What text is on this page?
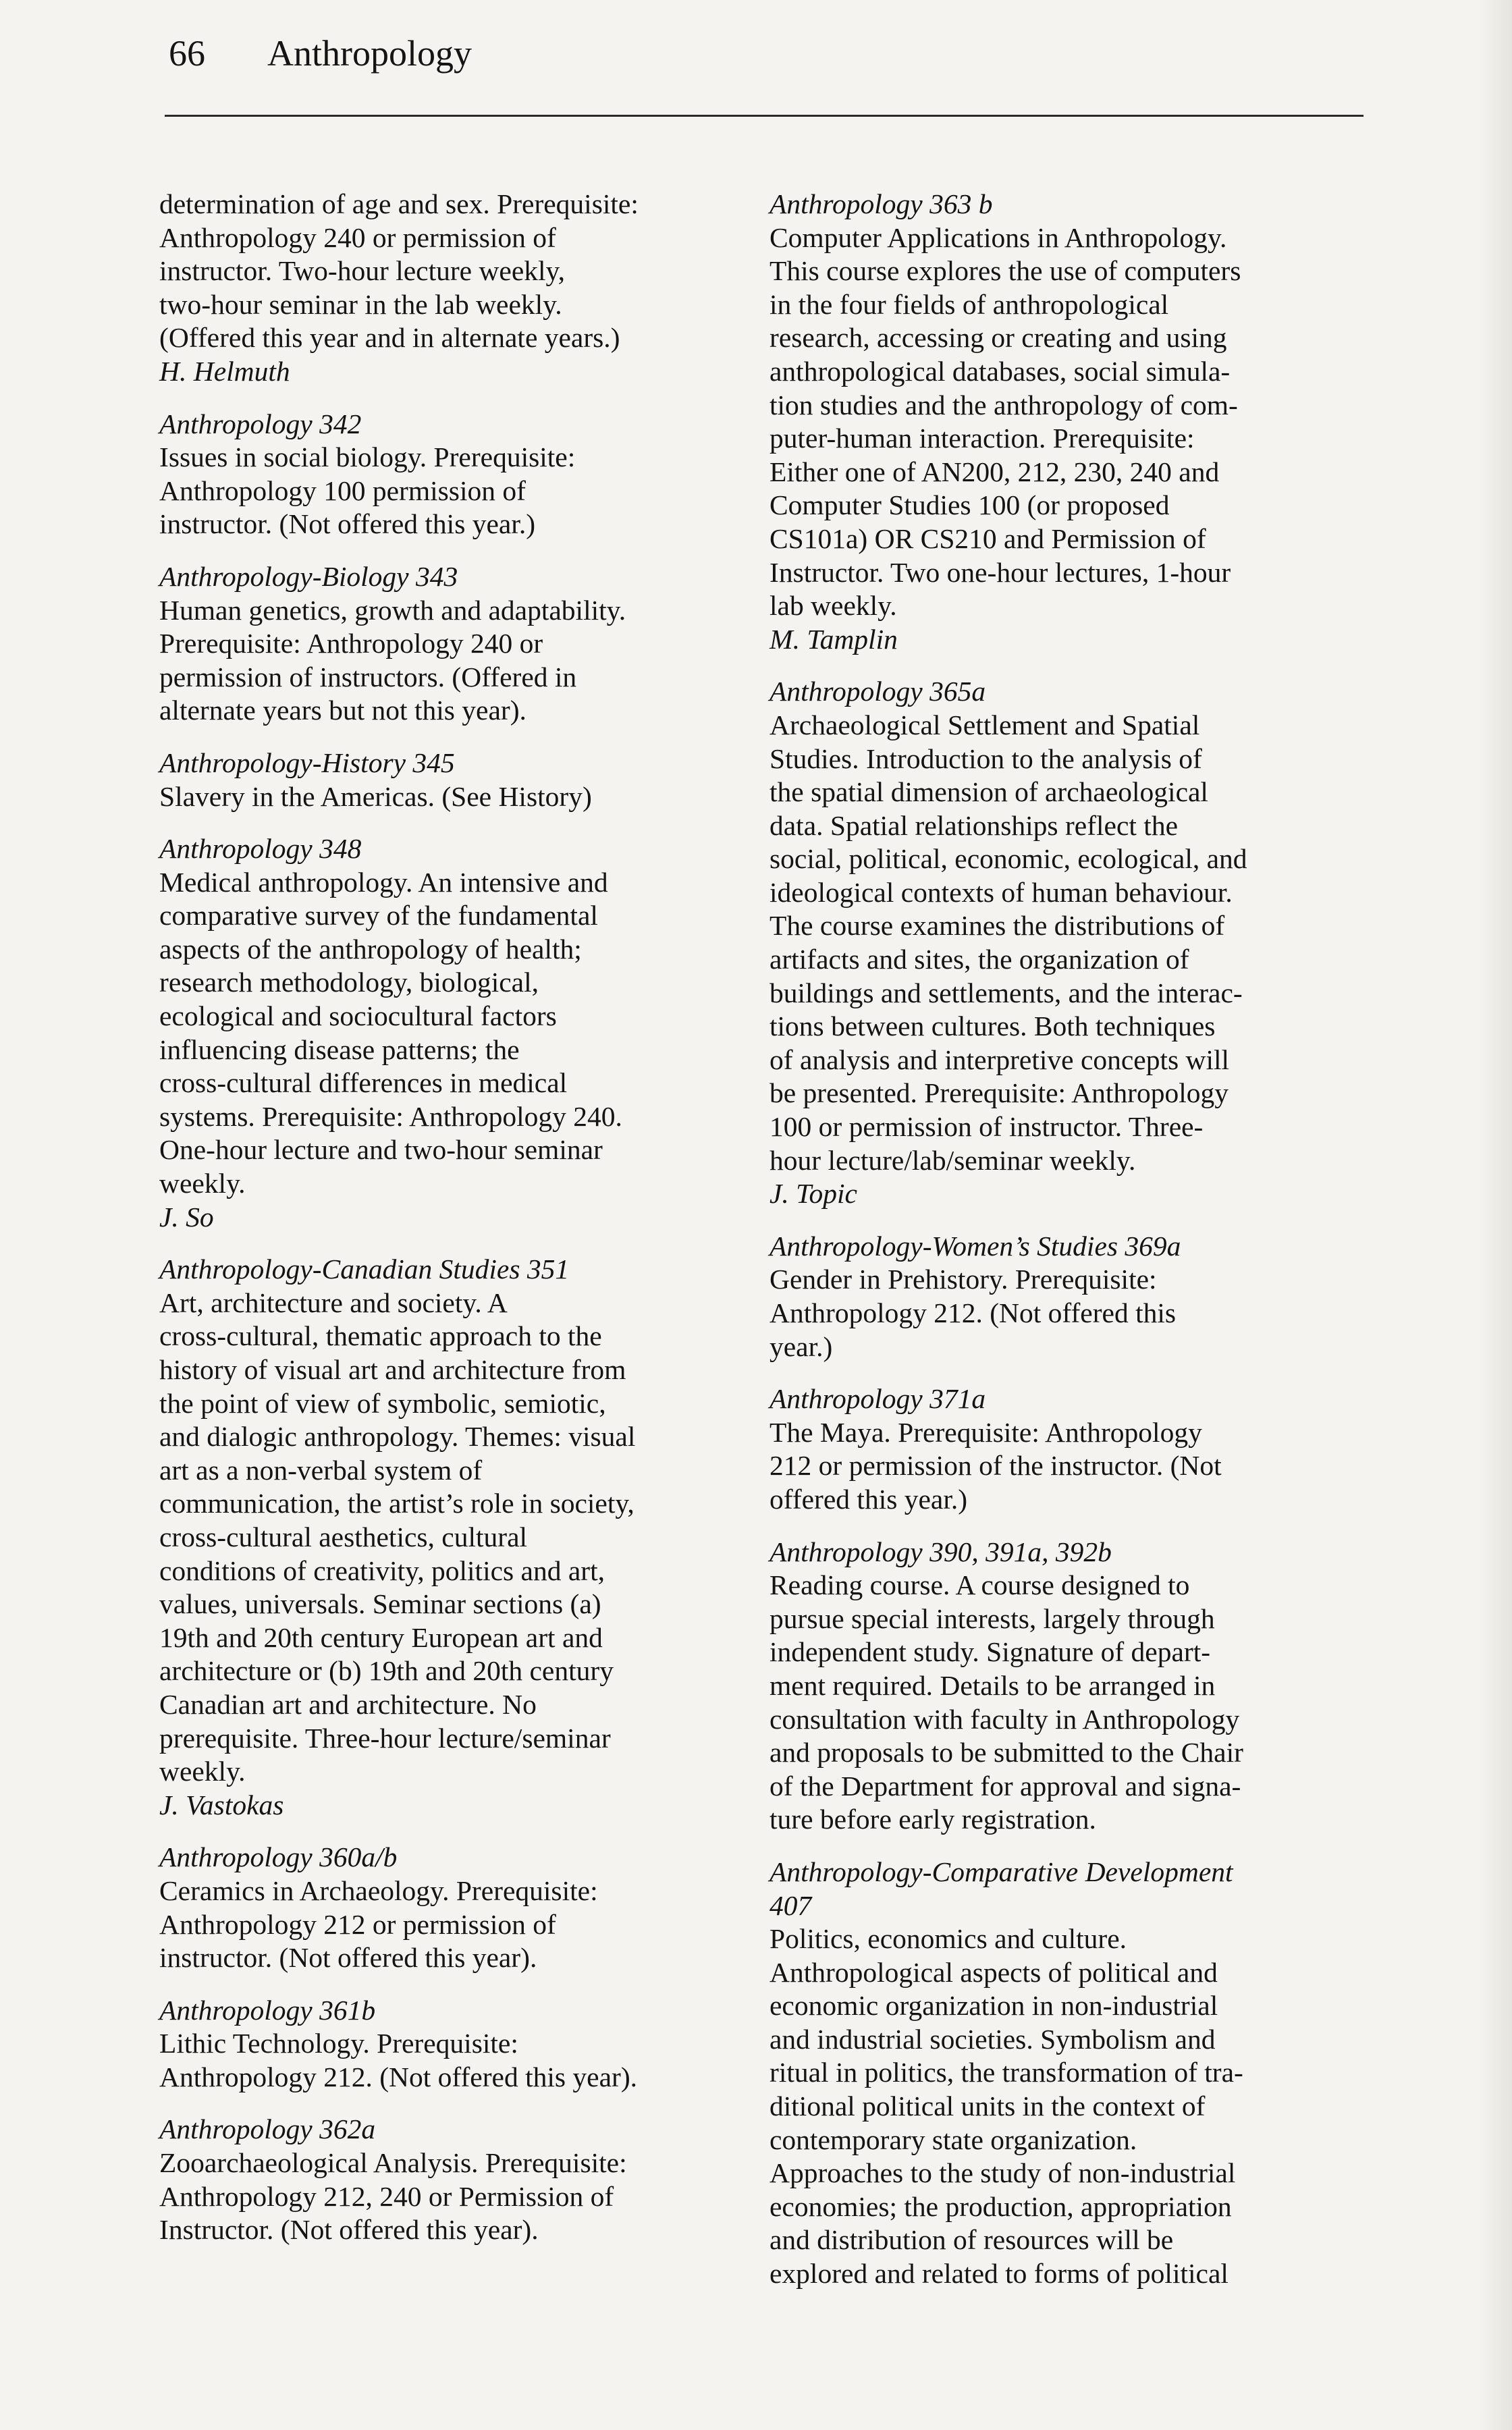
66 Anthropology
determination of age and sex. Prerequisite:
Anthropology 240 or permission of
instructor. Two-hour lecture weekly,
two-hour seminar in the lab weekly.
(Offered this year and in alternate years.)
H. Helmuth
Anthropology 342
Issues in social biology. Prerequisite:
Anthropology 100 permission of
instructor. (Not offered this year.)
Anthropology-Biology 343
Human genetics, growth and adaptability.
Prerequisite: Anthropology 240 or
permission of instructors. (Offered in
alternate years but not this year).
Anthropology-History 345
Slavery in the Americas. (See History)
Anthropology 348
Medical anthropology. An intensive and
comparative survey of the fundamental
aspects of the anthropology of health;
research methodology, biological,
ecological and sociocultural factors
influencing disease patterns; the
cross-cultural differences in medical
systems. Prerequisite: Anthropology 240.
One-hour lecture and two-hour seminar
weekly.
J. So
Anthropology-Canadian Studies 351
Art, architecture and society. A
cross-cultural, thematic approach to the
history of visual art and architecture from
the point of view of symbolic, semiotic,
and dialogic anthropology. Themes: visual
art as a non-verbal system of
communication, the artist’s role in society,
cross-cultural aesthetics, cultural
conditions of creativity, politics and art,
values, universals. Seminar sections (a)
19th and 20th century European art and
architecture or (b) 19th and 20th century
Canadian art and architecture. No
prerequisite. Three-hour lecture/seminar
weekly.
J. Vastokas
Anthropology 360a/b
Ceramics in Archaeology. Prerequisite:
Anthropology 212 or permission of
instructor. (Not offered this year).
Anthropology 361b
Lithic Technology. Prerequisite:
Anthropology 212. (Not offered this year).
Anthropology 362a
Zooarchaeological Analysis. Prerequisite:
Anthropology 212, 240 or Permission of
Instructor. (Not offered this year).
Anthropology 363 b
Computer Applications in Anthropology.
This course explores the use of computers
in the four fields of anthropological
research, accessing or creating and using
anthropological databases, social simula-
tion studies and the anthropology of com-
puter-human interaction. Prerequisite:
Either one of AN200, 212, 230, 240 and
Computer Studies 100 (or proposed
CS101a) OR CS210 and Permission of
Instructor. Two one-hour lectures, 1-hour
lab weekly.
M. Tamplin
Anthropology 365a
Archaeological Settlement and Spatial
Studies. Introduction to the analysis of
the spatial dimension of archaeological
data. Spatial relationships reflect the
social, political, economic, ecological, and
ideological contexts of human behaviour.
The course examines the distributions of
artifacts and sites, the organization of
buildings and settlements, and the interac-
tions between cultures. Both techniques
of analysis and interpretive concepts will
be presented. Prerequisite: Anthropology
100 or permission of instructor. Three-
hour lecture/lab/seminar weekly.
J. Topic
Anthropology-Women’s Studies 369a
Gender in Prehistory. Prerequisite:
Anthropology 212. (Not offered this
year.)
Anthropology 371a
The Maya. Prerequisite: Anthropology
212 or permission of the instructor. (Not
offered this year.)
Anthropology 390, 391a, 392b
Reading course. A course designed to
pursue special interests, largely through
independent study. Signature of depart-
ment required. Details to be arranged in
consultation with faculty in Anthropology
and proposals to be submitted to the Chair
of the Department for approval and signa-
ture before early registration.
Anthropology-Comparative Development
407
Politics, economics and culture.
Anthropological aspects of political and
economic organization in non-industrial
and industrial societies. Symbolism and
ritual in politics, the transformation of tra-
ditional political units in the context of
contemporary state organization.
Approaches to the study of non-industrial
economies; the production, appropriation
and distribution of resources will be
explored and related to forms of political
